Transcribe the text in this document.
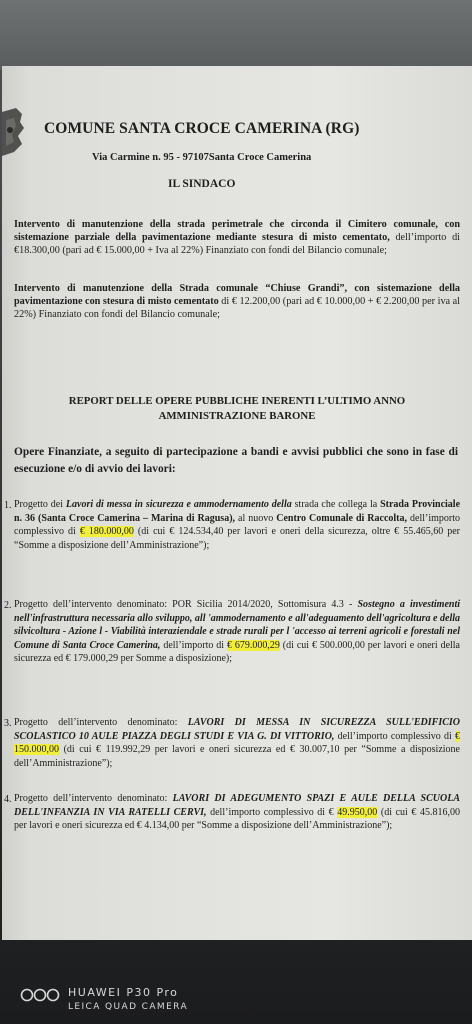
COMUNE SANTA CROCE CAMERINA (RG)
Via Carmine n. 95 - 97107Santa Croce Camerina
IL SINDACO
Intervento di manutenzione della strada perimetrale che circonda il Cimitero comunale, con sistemazione parziale della pavimentazione mediante stesura di misto cementato, dell’importo di €18.300,00 (pari ad € 15.000,00 + Iva al 22%) Finanziato con fondi del Bilancio comunale;
Intervento di manutenzione della Strada comunale “Chiuse Grandi”, con sistemazione della pavimentazione con stesura di misto cementato di € 12.200,00 (pari ad € 10.000,00 + € 2.200,00 per iva al 22%) Finanziato con fondi del Bilancio comunale;
REPORT DELLE OPERE PUBBLICHE INERENTI L’ULTIMO ANNO AMMINISTRAZIONE BARONE
Opere Finanziate, a seguito di partecipazione a bandi e avvisi pubblici che sono in fase di esecuzione e/o di avvio dei lavori:
1. Progetto dei Lavori di messa in sicurezza e ammodernamento della strada che collega la Strada Provinciale n. 36 (Santa Croce Camerina – Marina di Ragusa), al nuovo Centro Comunale di Raccolta, dell’importo complessivo di € 180.000,00 (di cui € 124.534,40 per lavori e oneri della sicurezza, oltre € 55.465,60 per “Somme a disposizione dell’Amministrazione”);
2. Progetto dell’intervento denominato: POR Sicilia 2014/2020, Sottomisura 4.3 - Sostegno a investimenti nell'infrastruttura necessaria allo sviluppo, all 'ammodernamento e all'adeguamento dell'agricoltura e della silvicoltura - Azione l - Viabilità interaziendale e strade rurali per l 'accesso ai terreni agricoli e forestali nel Comune di Santa Croce Camerina, dell’importo di € 679.000,29 (di cui € 500.000,00 per lavori e oneri della sicurezza ed € 179.000,29 per Somme a disposizione);
3. Progetto dell’intervento denominato: LAVORI DI MESSA IN SICUREZZA SULL'EDIFICIO SCOLASTICO 10 AULE PIAZZA DEGLI STUDI E VIA G. DI VITTORIO, dell’importo complessivo di € 150.000,00 (di cui € 119.992,29 per lavori e oneri sicurezza ed € 30.007,10 per “Somme a disposizione dell’Amministrazione”);
4. Progetto dell’intervento denominato: LAVORI DI ADEGUMENTO SPAZI E AULE DELLA SCUOLA DELL'INFANZIA IN VIA RATELLI CERVI, dell’importo complessivo di € 49.950,00 (di cui € 45.816,00 per lavori e oneri sicurezza ed € 4.134,00 per “Somme a disposizione dell’Amministrazione”);
HUAWEI P30 Pro
LEICA QUAD CAMERA
